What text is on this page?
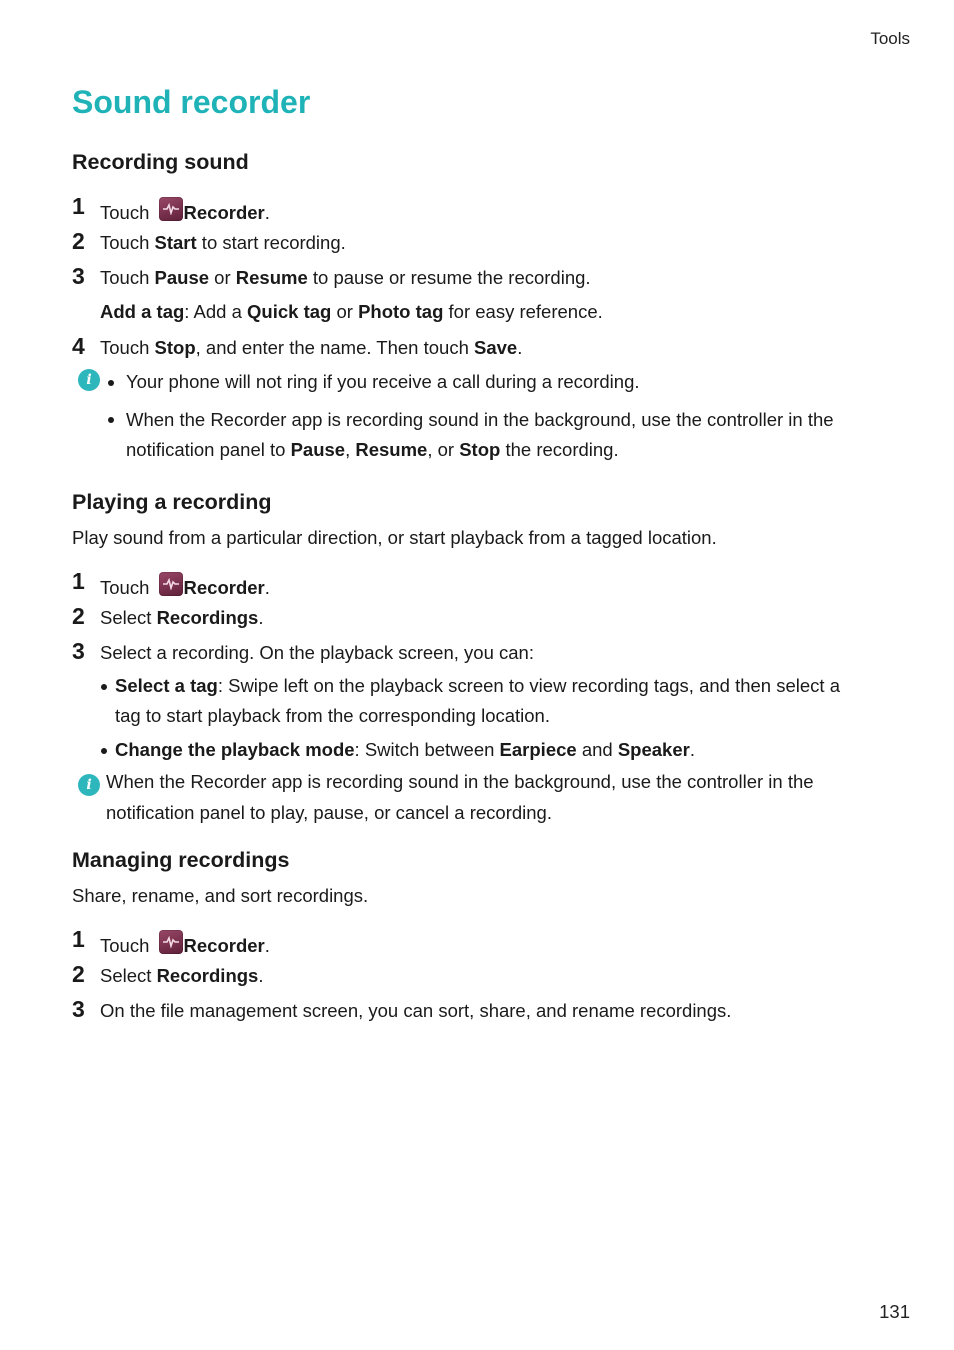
Tools
Sound recorder
Recording sound
1 Touch
Recorder.
2 Touch Start to start recording.
3 Touch Pause or Resume to pause or resume the recording.
Add a tag: Add a Quick tag or Photo tag for easy reference.
4 Touch Stop, and enter the name. Then touch Save.
i	Your phone will not ring if you receive a call during a recording.
When the Recorder app is recording sound in the background, use the controller in the
notification panel to Pause, Resume, or Stop the recording.
Playing a recording

Play sound from a particular direction, or start playback from a tagged location.

1 Touch
Recorder.
2 Select Recordings.
3 Select a recording. On the playback screen, you can:
Select a tag: Swipe left on the playback screen to view recording tags, and then select a
tag to start playback from the corresponding location.
Change the playback mode: Switch between Earpiece and Speaker.
i When the Recorder app is recording sound in the background, use the controller in the
notification panel to play, pause, or cancel a recording.
Managing recordings

Share, rename, and sort recordings.

1 Touch
Recorder.
2 Select Recordings.
3 On the file management screen, you can sort, share, and rename recordings.
131
